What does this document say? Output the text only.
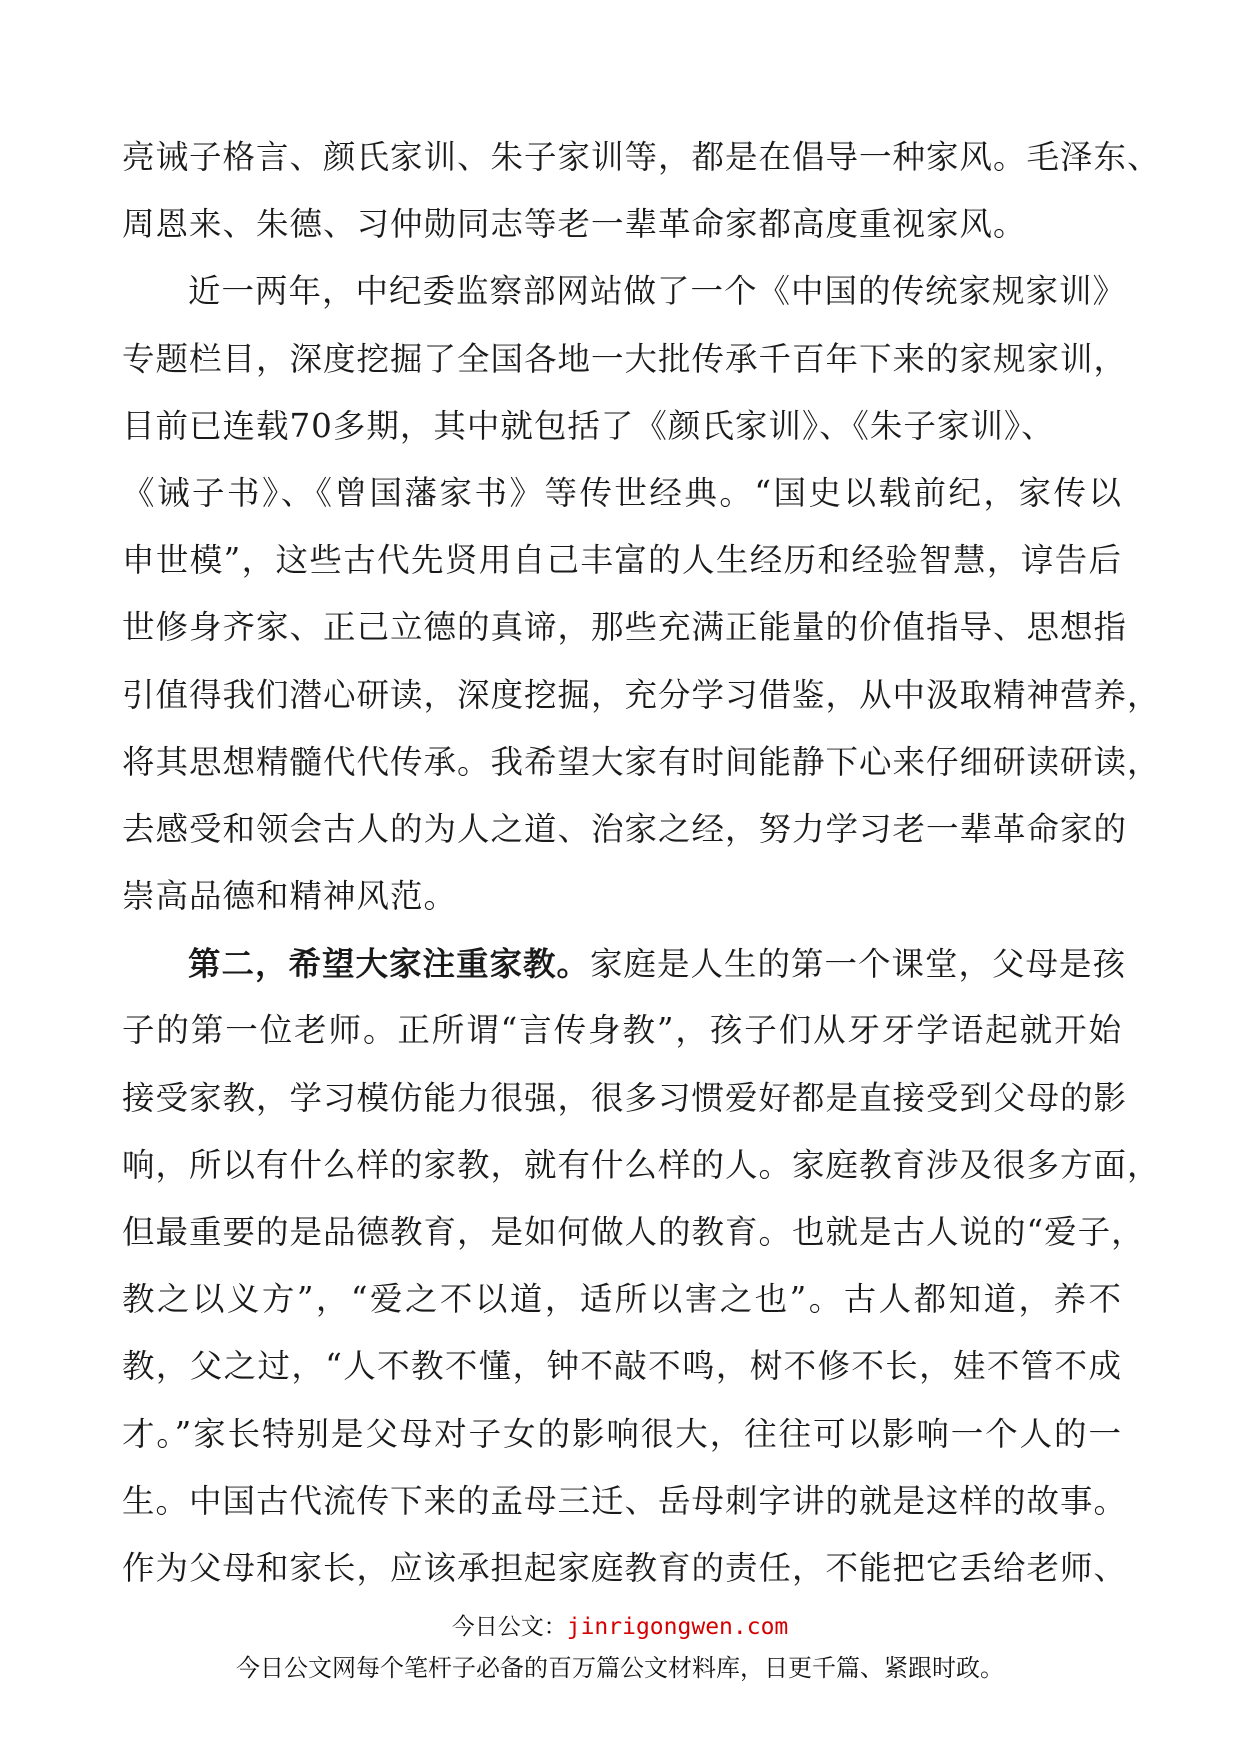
亮诫子格言、颜氏家训、朱子家训等，都是在倡导一种家风。毛泽东、
周恩来、朱德、习仲勋同志等老一辈革命家都高度重视家风。
近一两年，中纪委监察部网站做了一个《中国的传统家规家训》
专题栏目，深度挖掘了全国各地一大批传承千百年下来的家规家训，
目前已连载70多期，其中就包括了《颜氏家训》、《朱子家训》、
《诫子书》、《曾国藩家书》等传世经典。“国史以载前纪，家传以
申世模”，这些古代先贤用自己丰富的人生经历和经验智慧，谆告后
世修身齐家、正己立德的真谛，那些充满正能量的价值指导、思想指
引值得我们潜心研读，深度挖掘，充分学习借鉴，从中汲取精神营养，
将其思想精髓代代传承。我希望大家有时间能静下心来仔细研读研读，
去感受和领会古人的为人之道、治家之经，努力学习老一辈革命家的
崇高品德和精神风范。
第二，希望大家注重家教。家庭是人生的第一个课堂，父母是孩
子的第一位老师。正所谓“言传身教”，孩子们从牙牙学语起就开始
接受家教，学习模仿能力很强，很多习惯爱好都是直接受到父母的影
响，所以有什么样的家教，就有什么样的人。家庭教育涉及很多方面，
但最重要的是品德教育，是如何做人的教育。也就是古人说的“爱子，
教之以义方”，“爱之不以道，适所以害之也”。古人都知道，养不
教，父之过，“人不教不懂，钟不敲不鸣，树不修不长，娃不管不成
才。”家长特别是父母对子女的影响很大，往往可以影响一个人的一
生。中国古代流传下来的孟母三迁、岳母刺字讲的就是这样的故事。
作为父母和家长，应该承担起家庭教育的责任，不能把它丢给老师、
今日公文：jinrigongwen.com
今日公文网每个笔杆子必备的百万篇公文材料库，日更千篇、紧跟时政。
